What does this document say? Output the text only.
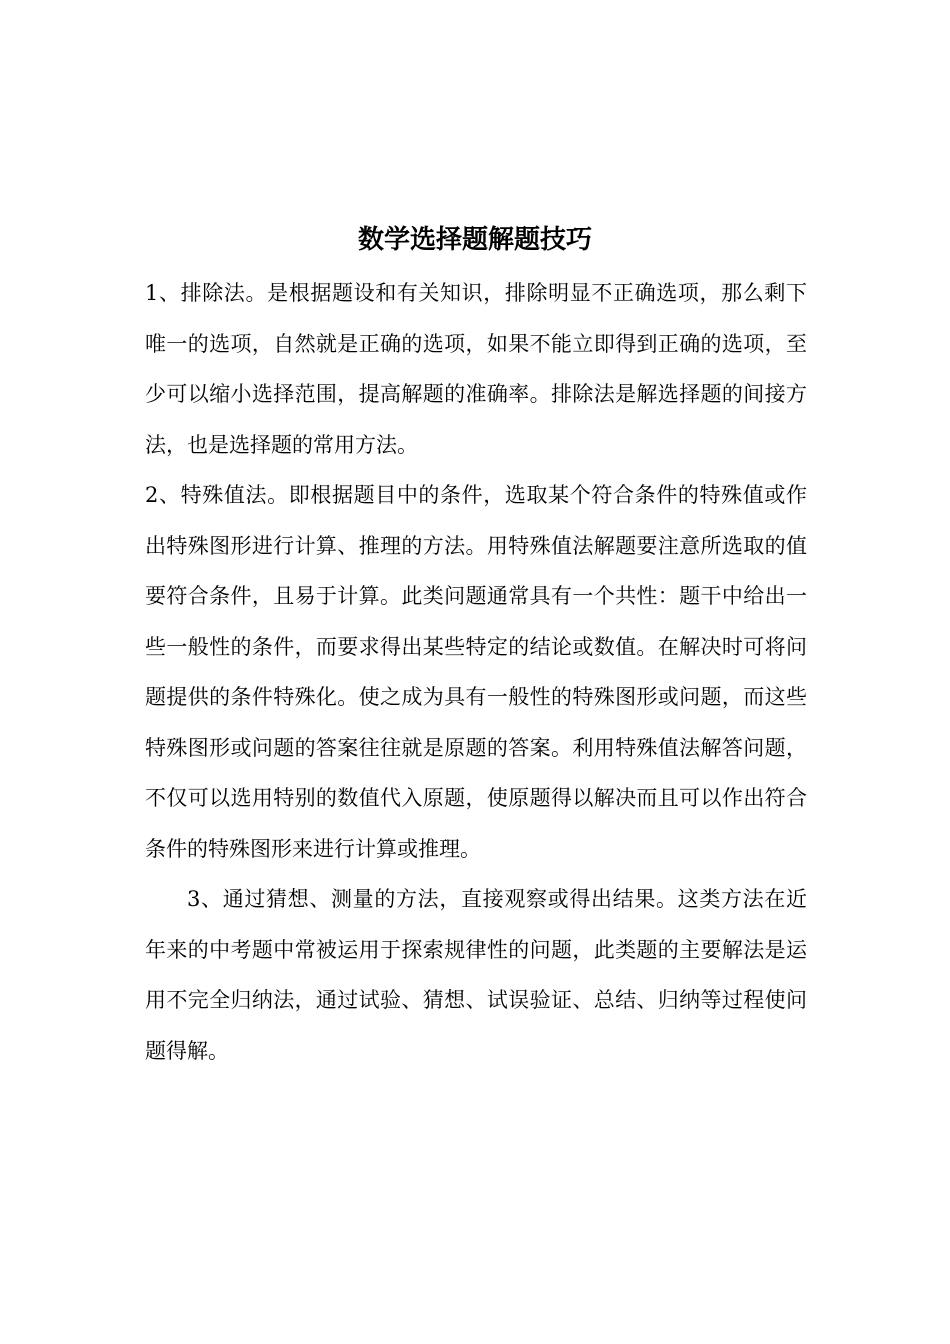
数学选择题解题技巧

1、排除法。是根据题设和有关知识，排除明显不正确选项，那么剩下唯一的选项，自然就是正确的选项，如果不能立即得到正确的选项，至少可以缩小选择范围，提高解题的准确率。排除法是解选择题的间接方法，也是选择题的常用方法。

2、特殊值法。即根据题目中的条件，选取某个符合条件的特殊值或作出特殊图形进行计算、推理的方法。用特殊值法解题要注意所选取的值要符合条件，且易于计算。此类问题通常具有一个共性：题干中给出一些一般性的条件，而要求得出某些特定的结论或数值。在解决时可将问题提供的条件特殊化。使之成为具有一般性的特殊图形或问题，而这些特殊图形或问题的答案往往就是原题的答案。利用特殊值法解答问题，不仅可以选用特别的数值代入原题，使原题得以解决而且可以作出符合条件的特殊图形来进行计算或推理。

3、通过猜想、测量的方法，直接观察或得出结果。这类方法在近年来的中考题中常被运用于探索规律性的问题，此类题的主要解法是运用不完全归纳法，通过试验、猜想、试误验证、总结、归纳等过程使问题得解。
